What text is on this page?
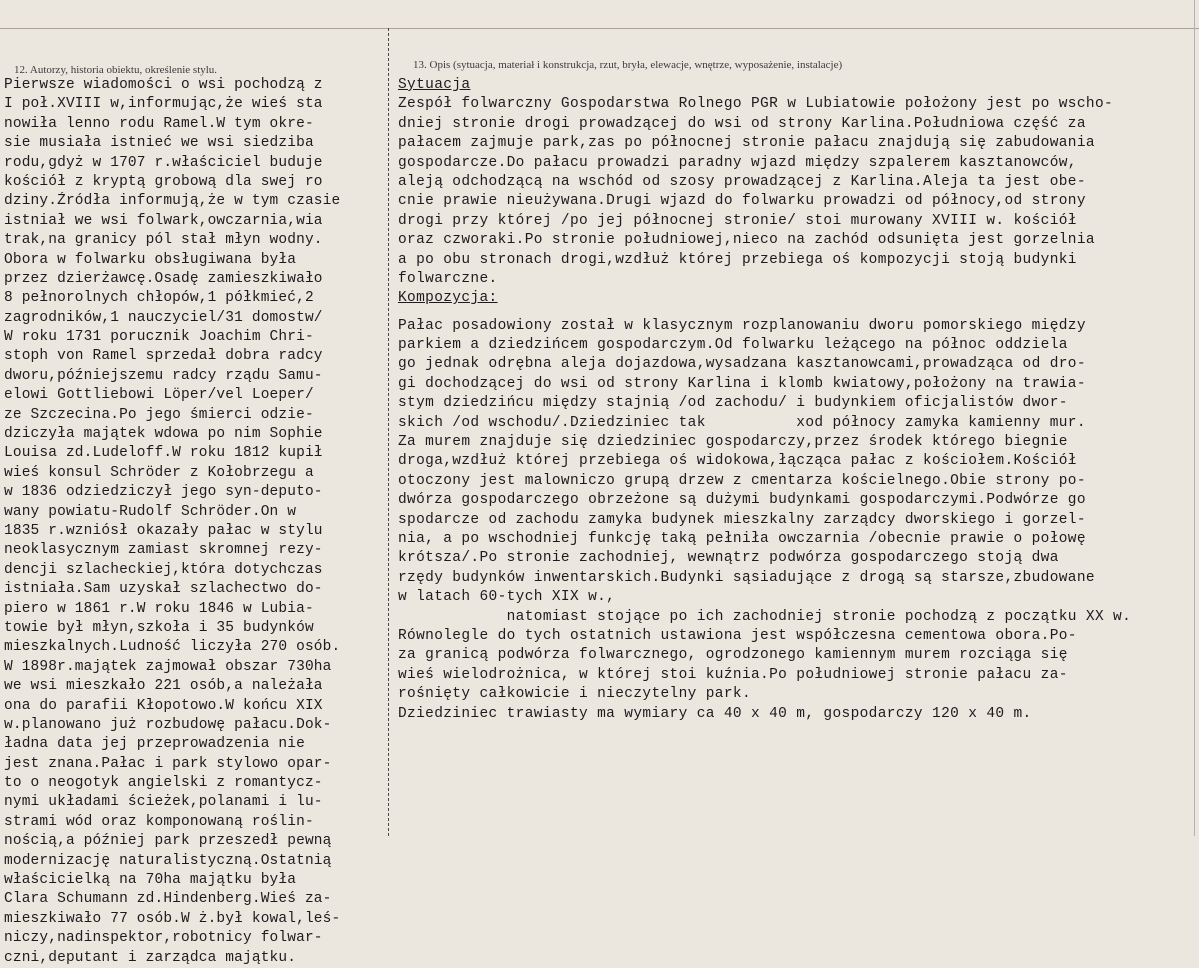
12. Autorzy, historia obiektu, określenie stylu.	13. Opis (sytuacja, materiał i konstrukcja, rzut, bryła, elewacje, wnętrze, wyposażenie, instalacje)
Pierwsze wiadomości o wsi pochodzą z
I poł.XVIII w,informując,że wieś sta
nowiła lenno rodu Ramel.W tym okre-
sie musiała istnieć we wsi siedziba
rodu,gdyż w 1707 r.właściciel buduje
kościół z kryptą grobową dla swej ro
dziny.Źródła informują,że w tym czasie
istniał we wsi folwark,owczarnia,wia
trak,na granicy pól stał młyn wodny.
Obora w folwarku obsługiwana była
przez dzierżawcę.Osadę zamieszkiwało
8 pełnorolnych chłopów,1 półkmieć,2
zagrodników,1 nauczyciel/31 domostw/
W roku 1731 porucznik Joachim Chri-
stoph von Ramel sprzedał dobra radcy
dworu,późniejszemu radcy rządu Samu-
elowi Gottliebowi Löper/vel Loeper/
ze Szczecina.Po jego śmierci odzie-
dziczyła majątek wdowa po nim Sophie
Louisa zd.Ludeloff.W roku 1812 kupił
wieś konsul Schröder z Kołobrzegu a
w 1836 odziedziczył jego syn-deputo-
wany powiatu-Rudolf Schröder.On w
1835 r.wzniósł okazały pałac w stylu
neoklasycznym zamiast skromnej rezy-
dencji szlacheckiej,która dotychczas
istniała.Sam uzyskał szlachectwo do-
piero w 1861 r.W roku 1846 w Lubia-
towie był młyn,szkoła i 35 budynków
mieszkalnych.Ludność liczyła 270 osób.
W 1898r.majątek zajmował obszar 730ha
we wsi mieszkało 221 osób,a należała
ona do parafii Kłopotowo.W końcu XIX
w.planowano już rozbudowę pałacu.Dok-
ładna data jej przeprowadzenia nie
jest znana.Pałac i park stylowo opar-
to o neogotyk angielski z romantycz-
nymi układami ścieżek,polanami i lu-
strami wód oraz komponowaną roślin-
nością,a później park przeszedł pewną
modernizację naturalistyczną.Ostatnią
właścicielką na 70ha majątku była
Clara Schumann zd.Hindenberg.Wieś za-
mieszkiwało 77 osób.W ż.był kowal,leś-
niczy,nadinspektor,robotnicy folwar-
czni,deputant i zarządca majątku.
Sytuacja
Zespół folwarczny Gospodarstwa Rolnego PGR w Lubiatowie położony jest po wscho-
dniej stronie drogi prowadzącej do wsi od strony Karlina.Południowa część za
pałacem zajmuje park,zas po północnej stronie pałacu znajdują się zabudowania
gospodarcze.Do pałacu prowadzi paradny wjazd między szpalerem kasztanowców,
aleją odchodzącą na wschód od szosy prowadzącej z Karlina.Aleja ta jest obe-
cnie prawie nieużywana.Drugi wjazd do folwarku prowadzi od północy,od strony
drogi przy której /po jej północnej stronie/ stoi murowany XVIII w. kościół
oraz czworaki.Po stronie południowej,nieco na zachód odsunięta jest gorzelnia
a po obu stronach drogi,wzdłuż której przebiega oś kompozycji stoją budynki
folwarczne.
Kompozycja:
Pałac posadowiony został w klasycznym rozplanowaniu dworu pomorskiego między
parkiem a dziedzińcem gospodarczym.Od folwarku leżącego na północ oddziela
go jednak odrębna aleja dojazdowa,wysadzana kasztanowcami,prowadząca od dro-
gi dochodzącej do wsi od strony Karlina i klomb kwiatowy,położony na trawia-
stym dziedzińcu między stajnią /od zachodu/ i budynkiem oficjalistów dwor-
skich /od wschodu/.Dziedziniec tak          xod północy zamyka kamienny mur.
Za murem znajduje się dziedziniec gospodarczy,przez środek którego biegnie
droga,wzdłuż której przebiega oś widokowa,łącząca pałac z kościołem.Kościół
otoczony jest malowniczo grupą drzew z cmentarza kościelnego.Obie strony po-
dwórza gospodarczego obrzeżone są dużymi budynkami gospodarczymi.Podwórze go
spodarcze od zachodu zamyka budynek mieszkalny zarządcy dworskiego i gorzel-
nia, a po wschodniej funkcję taką pełniła owczarnia /obecnie prawie o połowę
krótsza/.Po stronie zachodniej, wewnątrz podwórza gospodarczego stoją dwa
rzędy budynków inwentarskich.Budynki sąsiadujące z drogą są starsze,zbudowane
w latach 60-tych XIX w.,
natomiast stojące po ich zachodniej stronie pochodzą z początku XX w.
Równolegle do tych ostatnich ustawiona jest współczesna cementowa obora.Po-
za granicą podwórza folwarcznego, ogrodzonego kamiennym murem rozciąga się
wieś wielodrożnica, w której stoi kuźnia.Po południowej stronie pałacu za-
rośnięty całkowicie i nieczytelny park.
Dziedziniec trawiasty ma wymiary ca 40 x 40 m, gospodarczy 120 x 40 m.
